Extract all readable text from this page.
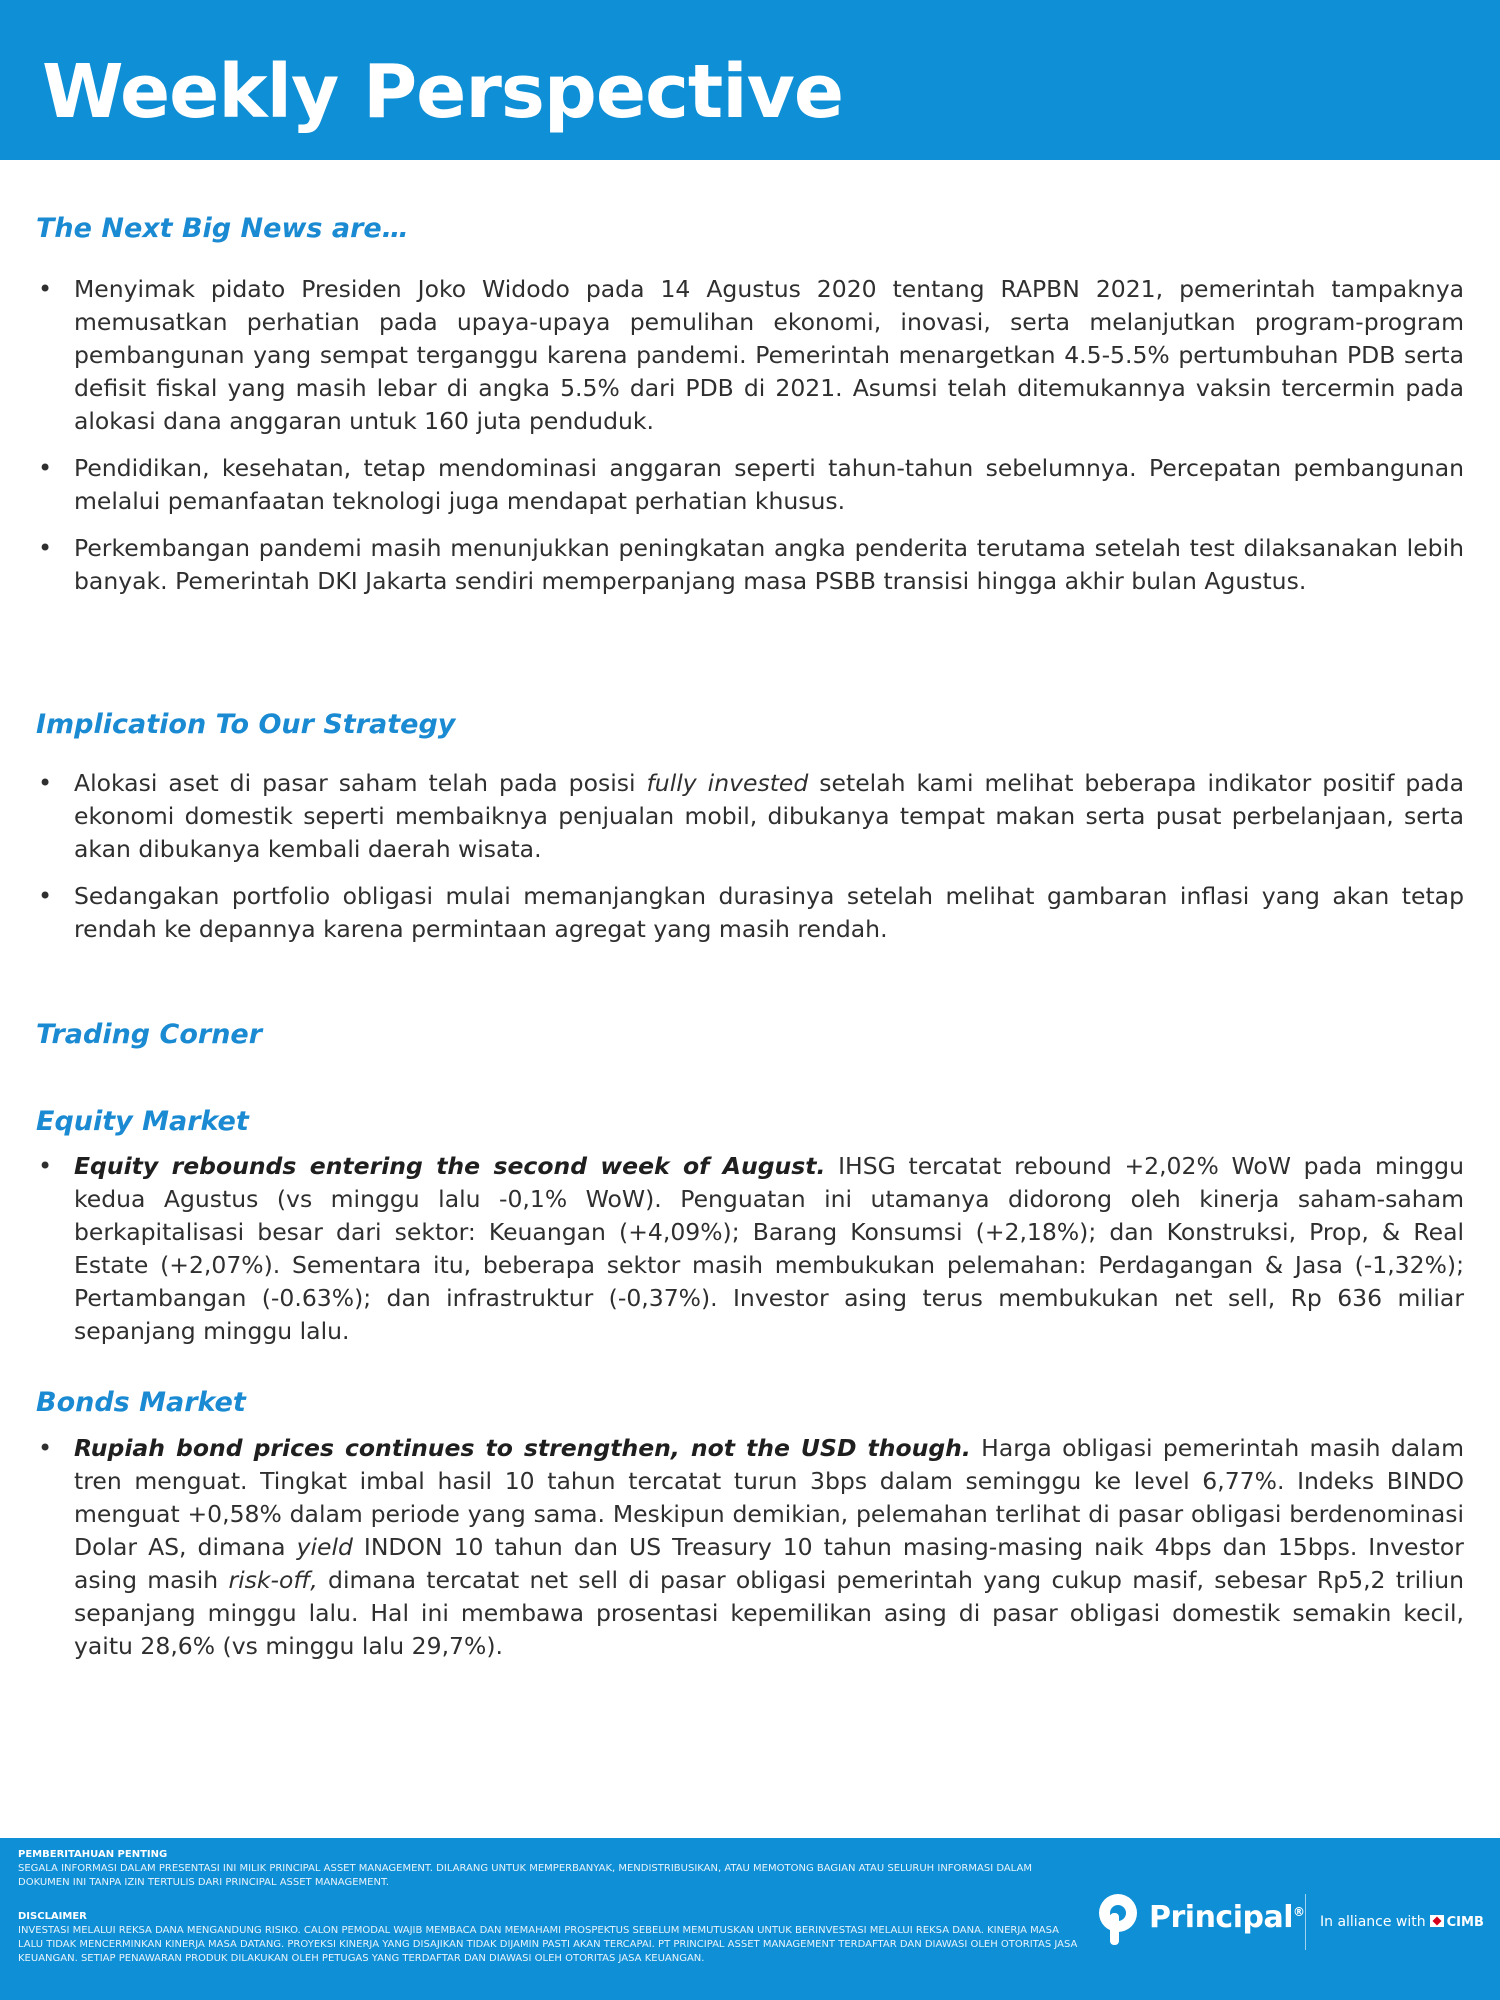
Weekly Perspective
The Next Big News are…
• Menyimak pidato Presiden Joko Widodo pada 14 Agustus 2020 tentang RAPBN 2021, pemerintah tampaknya memusatkan perhatian pada upaya-upaya pemulihan ekonomi, inovasi, serta melanjutkan program-program pembangunan yang sempat terganggu karena pandemi. Pemerintah menargetkan 4.5-5.5% pertumbuhan PDB serta defisit fiskal yang masih lebar di angka 5.5% dari PDB di 2021. Asumsi telah ditemukannya vaksin tercermin pada alokasi dana anggaran untuk 160 juta penduduk.
• Pendidikan, kesehatan, tetap mendominasi anggaran seperti tahun-tahun sebelumnya. Percepatan pembangunan melalui pemanfaatan teknologi juga mendapat perhatian khusus.
• Perkembangan pandemi masih menunjukkan peningkatan angka penderita terutama setelah test dilaksanakan lebih banyak. Pemerintah DKI Jakarta sendiri memperpanjang masa PSBB transisi hingga akhir bulan Agustus.
Implication To Our Strategy
• Alokasi aset di pasar saham telah pada posisi fully invested setelah kami melihat beberapa indikator positif pada ekonomi domestik seperti membaiknya penjualan mobil, dibukanya tempat makan serta pusat perbelanjaan, serta akan dibukanya kembali daerah wisata.
• Sedangakan portfolio obligasi mulai memanjangkan durasinya setelah melihat gambaran inflasi yang akan tetap rendah ke depannya karena permintaan agregat yang masih rendah.
Trading Corner
Equity Market
• Equity rebounds entering the second week of August. IHSG tercatat rebound +2,02% WoW pada minggu kedua Agustus (vs minggu lalu -0,1% WoW). Penguatan ini utamanya didorong oleh kinerja saham-saham berkapitalisasi besar dari sektor: Keuangan (+4,09%); Barang Konsumsi (+2,18%); dan Konstruksi, Prop, & Real Estate (+2,07%). Sementara itu, beberapa sektor masih membukukan pelemahan: Perdagangan & Jasa (-1,32%); Pertambangan (-0.63%); dan infrastruktur (-0,37%). Investor asing terus membukukan net sell, Rp 636 miliar sepanjang minggu lalu.
Bonds Market
• Rupiah bond prices continues to strengthen, not the USD though. Harga obligasi pemerintah masih dalam tren menguat. Tingkat imbal hasil 10 tahun tercatat turun 3bps dalam seminggu ke level 6,77%. Indeks BINDO menguat +0,58% dalam periode yang sama. Meskipun demikian, pelemahan terlihat di pasar obligasi berdenominasi Dolar AS, dimana yield INDON 10 tahun dan US Treasury 10 tahun masing-masing naik 4bps dan 15bps. Investor asing masih risk-off, dimana tercatat net sell di pasar obligasi pemerintah yang cukup masif, sebesar Rp5,2 triliun sepanjang minggu lalu. Hal ini membawa prosentasi kepemilikan asing di pasar obligasi domestik semakin kecil, yaitu 28,6% (vs minggu lalu 29,7%).
PEMBERITAHUAN PENTING
SEGALA INFORMASI DALAM PRESENTASI INI MILIK PRINCIPAL ASSET MANAGEMENT. DILARANG UNTUK MEMPERBANYAK, MENDISTRIBUSIKAN, ATAU MEMOTONG BAGIAN ATAU SELURUH INFORMASI DALAM DOKUMEN INI TANPA IZIN TERTULIS DARI PRINCIPAL ASSET MANAGEMENT.
DISCLAIMER
INVESTASI MELALUI REKSA DANA MENGANDUNG RISIKO. CALON PEMODAL WAJIB MEMBACA DAN MEMAHAMI PROSPEKTUS SEBELUM MEMUTUSKAN UNTUK BERINVESTASI MELALUI REKSA DANA. KINERJA MASA LALU TIDAK MENCERMINKAN KINERJA MASA DATANG. PROYEKSI KINERJA YANG DISAJIKAN TIDAK DIJAMIN PASTI AKAN TERCAPAI. PT PRINCIPAL ASSET MANAGEMENT TERDAFTAR DAN DIAWASI OLEH OTORITAS JASA KEUANGAN. SETIAP PENAWARAN PRODUK DILAKUKAN OLEH PETUGAS YANG TERDAFTAR DAN DIAWASI OLEH OTORITAS JASA KEUANGAN.
Principal®
In alliance with CIMB
